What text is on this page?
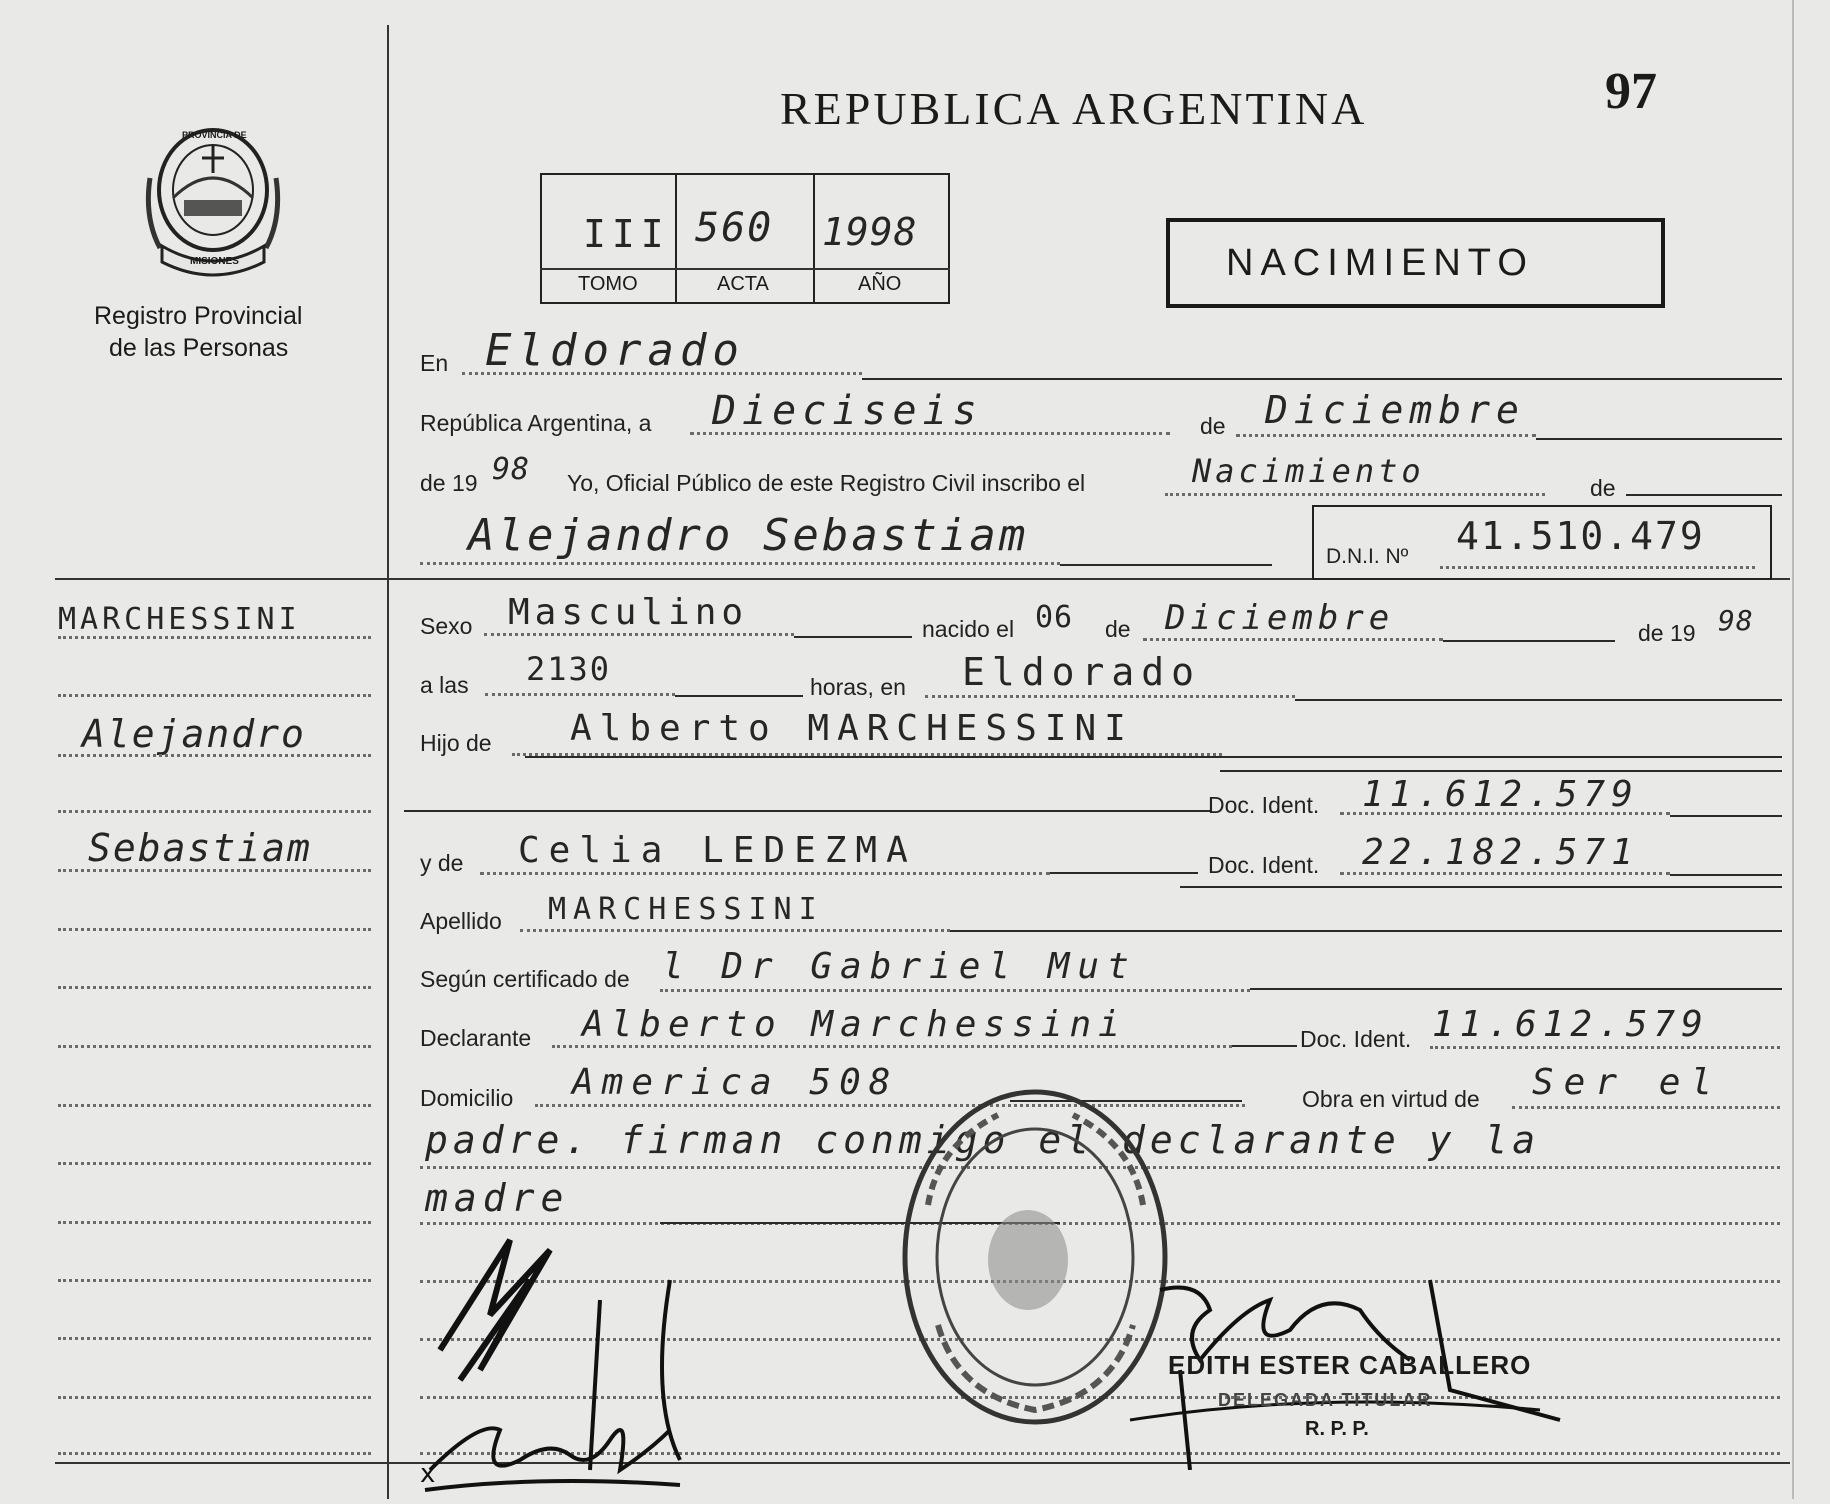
97
REPUBLICA ARGENTINA
PROVINCIA DE
MISIONES
Registro Provincial
de las Personas
III 560 1998
TOMO	ACTA	AÑO	NACIMIENTO
MARCHESSINI
Alejandro
Sebastiam
En Eldorado
República Argentina, a Dieciseis	de Diciembre
de 19 98 Yo, Oficial Público de este Registro Civil inscribo el	Nacimiento	de
Alejandro Sebastiam	D.N.I. Nº 41.510.479
Sexo Masculino	nacido el 06 de Diciembre	de 19 98
a las 2130	horas, en Eldorado
Hijo de Alberto MARCHESSINI
Doc. Ident. 11.612.579
y de Celia LEDEZMA	Doc. Ident. 22.182.571
Apellido MARCHESSINI
Según certificado de l Dr Gabriel Mut
Declarante Alberto Marchessini	Doc. Ident. 11.612.579
Domicilio America 508	Obra en virtud de Ser el
padre. firman conmigo el declarante y la
madre
x
EDITH ESTER CABALLERO
DELEGADA TITULAR
R. P. P.
